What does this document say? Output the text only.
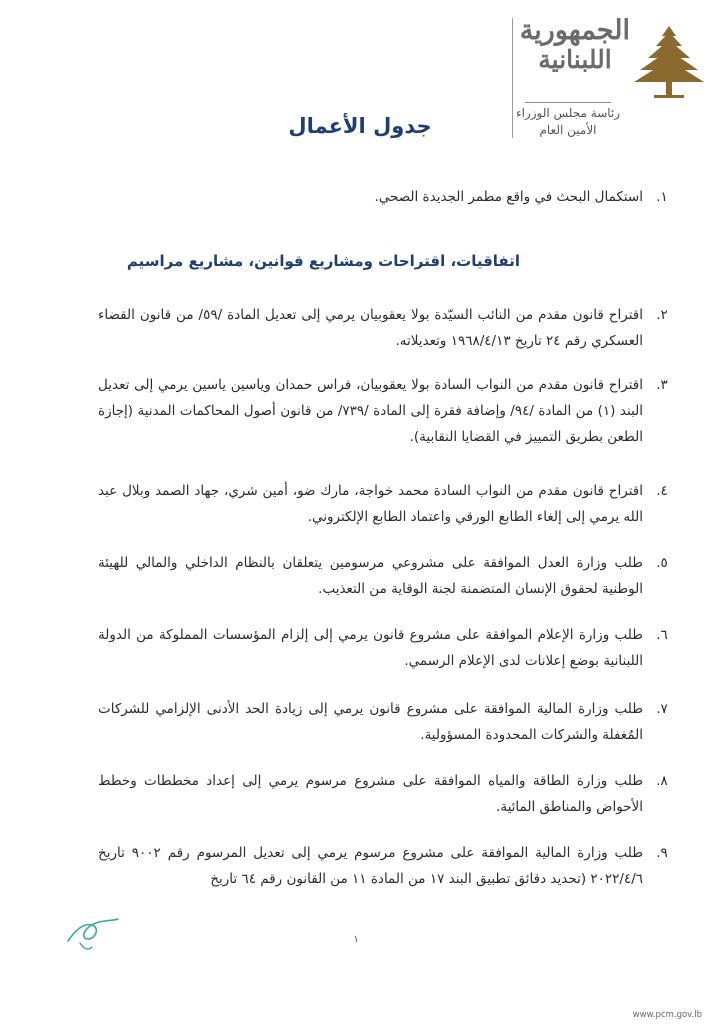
الجمهورية
اللبنانية
رئاسة مجلس الوزراء
الأمين العام
جدول الأعمال
اتفاقيات، اقتراحات ومشاريع قوانين، مشاريع مراسيم
.١
استكمال البحث في واقع مطمر الجديدة الصحي.
.٢
اقتراح قانون مقدم من النائب السيّدة بولا يعقوبيان يرمي إلى تعديل المادة /٥٩/ من قانون القضاء العسكري رقم ٢٤ تاريخ ١٩٦٨/٤/١٣ وتعديلاته.
.٣
اقتراح قانون مقدم من النواب السادة بولا يعقوبيان، فراس حمدان وياسين ياسين يرمي إلى تعديل البند (١) من المادة /٩٤/ وإضافة فقرة إلى المادة /٧٣٩/ من قانون أصول المحاكمات المدنية (إجازة الطعن بطريق التمييز في القضايا النقابية).
.٤
اقتراح قانون مقدم من النواب السادة محمد خواجة، مارك ضو، أمين شري، جهاد الصمد وبلال عبد الله يرمي إلى إلغاء الطابع الورقي واعتماد الطابع الإلكتروني.
.٥
طلب وزارة العدل الموافقة على مشروعي مرسومين يتعلقان بالنظام الداخلي والمالي للهيئة الوطنية لحقوق الإنسان المتضمنة لجنة الوقاية من التعذيب.
.٦
طلب وزارة الإعلام الموافقة على مشروع قانون يرمي إلى إلزام المؤسسات المملوكة من الدولة اللبنانية بوضع إعلانات لدى الإعلام الرسمي.
.٧
طلب وزارة المالية الموافقة على مشروع قانون يرمي إلى زيادة الحد الأدنى الإلزامي للشركات المُغفلة والشركات المحدودة المسؤولية.
.٨
طلب وزارة الطاقة والمياه الموافقة على مشروع مرسوم يرمي إلى إعداد مخططات وخطط الأحواض والمناطق المائية.
.٩
طلب وزارة المالية الموافقة على مشروع مرسوم يرمي إلى تعديل المرسوم رقم ٩٠٠٢ تاريخ ٢٠٢٢/٤/٦ (تحديد دقائق تطبيق البند ١٧ من المادة ١١ من القانون رقم ٦٤ تاريخ
١
www.pcm.gov.lb
